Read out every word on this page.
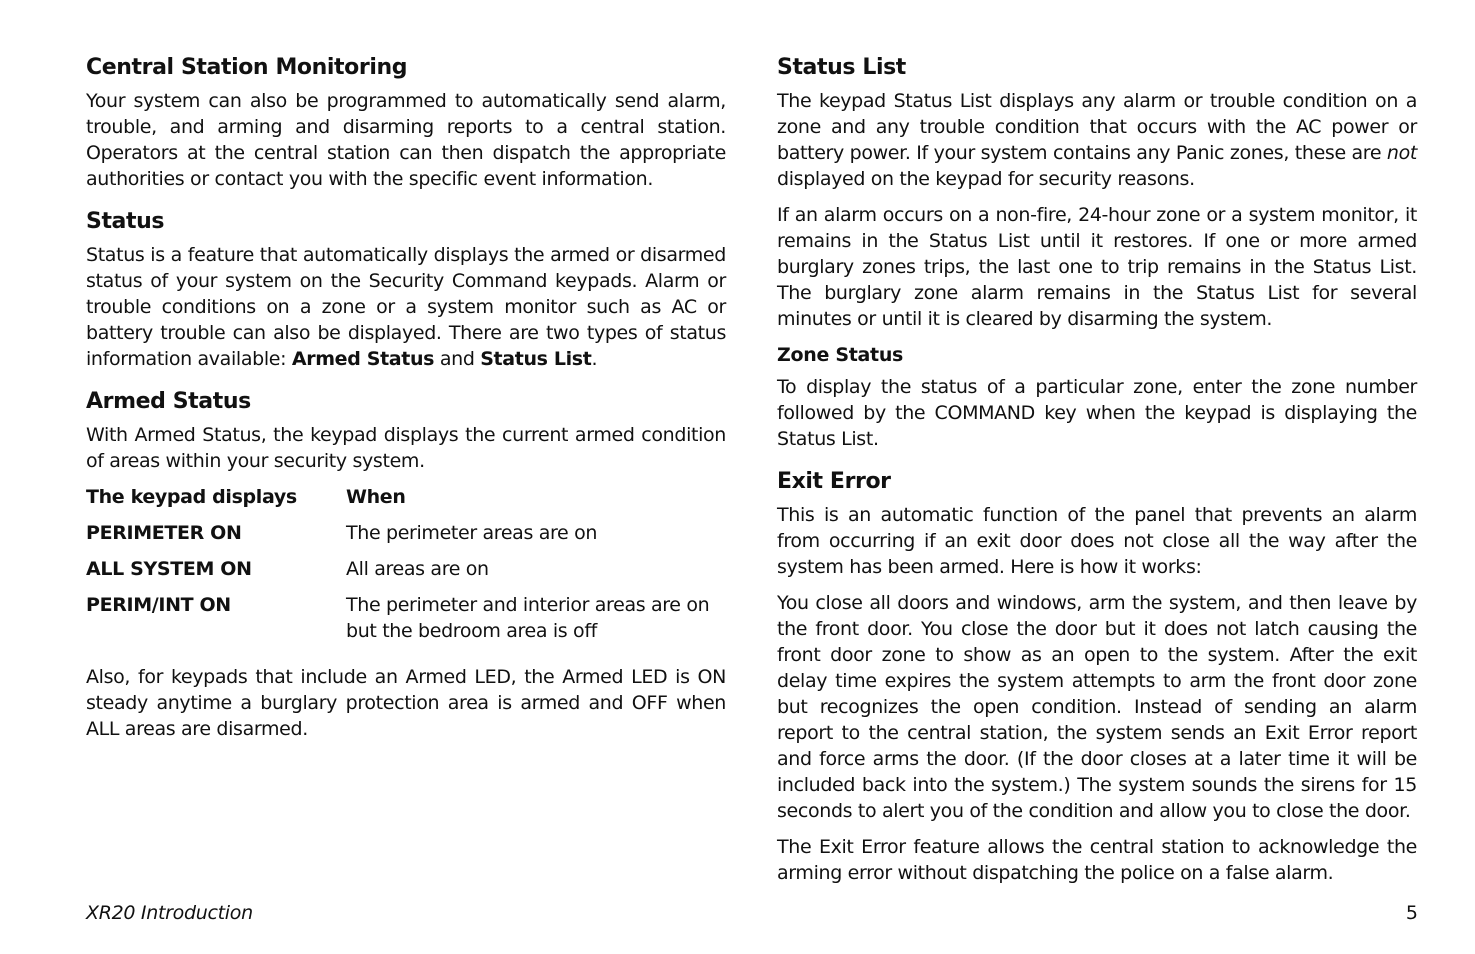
Central Station Monitoring

Your system can also be programmed to automatically send alarm, trouble, and arming and disarming reports to a central station. Operators at the central station can then dispatch the appropriate authorities or contact you with the specific event information.

Status

Status is a feature that automatically displays the armed or disarmed status of your system on the Security Command keypads. Alarm or trouble conditions on a zone or a system monitor such as AC or battery trouble can also be displayed. There are two types of status information available: Armed Status and Status List.

Armed Status

With Armed Status, the keypad displays the current armed condition of areas within your security system.

The keypad displays	When
PERIMETER ON	The perimeter areas are on
ALL SYSTEM ON	All areas are on
PERIM/INT ON	The perimeter and interior areas are on but the bedroom area is off

Also, for keypads that include an Armed LED, the Armed LED is ON steady anytime a burglary protection area is armed and OFF when ALL areas are disarmed.

Status List

The keypad Status List displays any alarm or trouble condition on a zone and any trouble condition that occurs with the AC power or battery power. If your system contains any Panic zones, these are not displayed on the keypad for security reasons.

If an alarm occurs on a non-fire, 24-hour zone or a system monitor, it remains in the Status List until it restores. If one or more armed burglary zones trips, the last one to trip remains in the Status List. The burglary zone alarm remains in the Status List for several minutes or until it is cleared by disarming the system.

Zone Status

To display the status of a particular zone, enter the zone number followed by the COMMAND key when the keypad is displaying the Status List.

Exit Error

This is an automatic function of the panel that prevents an alarm from occurring if an exit door does not close all the way after the system has been armed. Here is how it works:

You close all doors and windows, arm the system, and then leave by the front door. You close the door but it does not latch causing the front door zone to show as an open to the system. After the exit delay time expires the system attempts to arm the front door zone but recognizes the open condition. Instead of sending an alarm report to the central station, the system sends an Exit Error report and force arms the door. (If the door closes at a later time it will be included back into the system.) The system sounds the sirens for 15 seconds to alert you of the condition and allow you to close the door.

The Exit Error feature allows the central station to acknowledge the arming error without dispatching the police on a false alarm.

XR20 Introduction	5
